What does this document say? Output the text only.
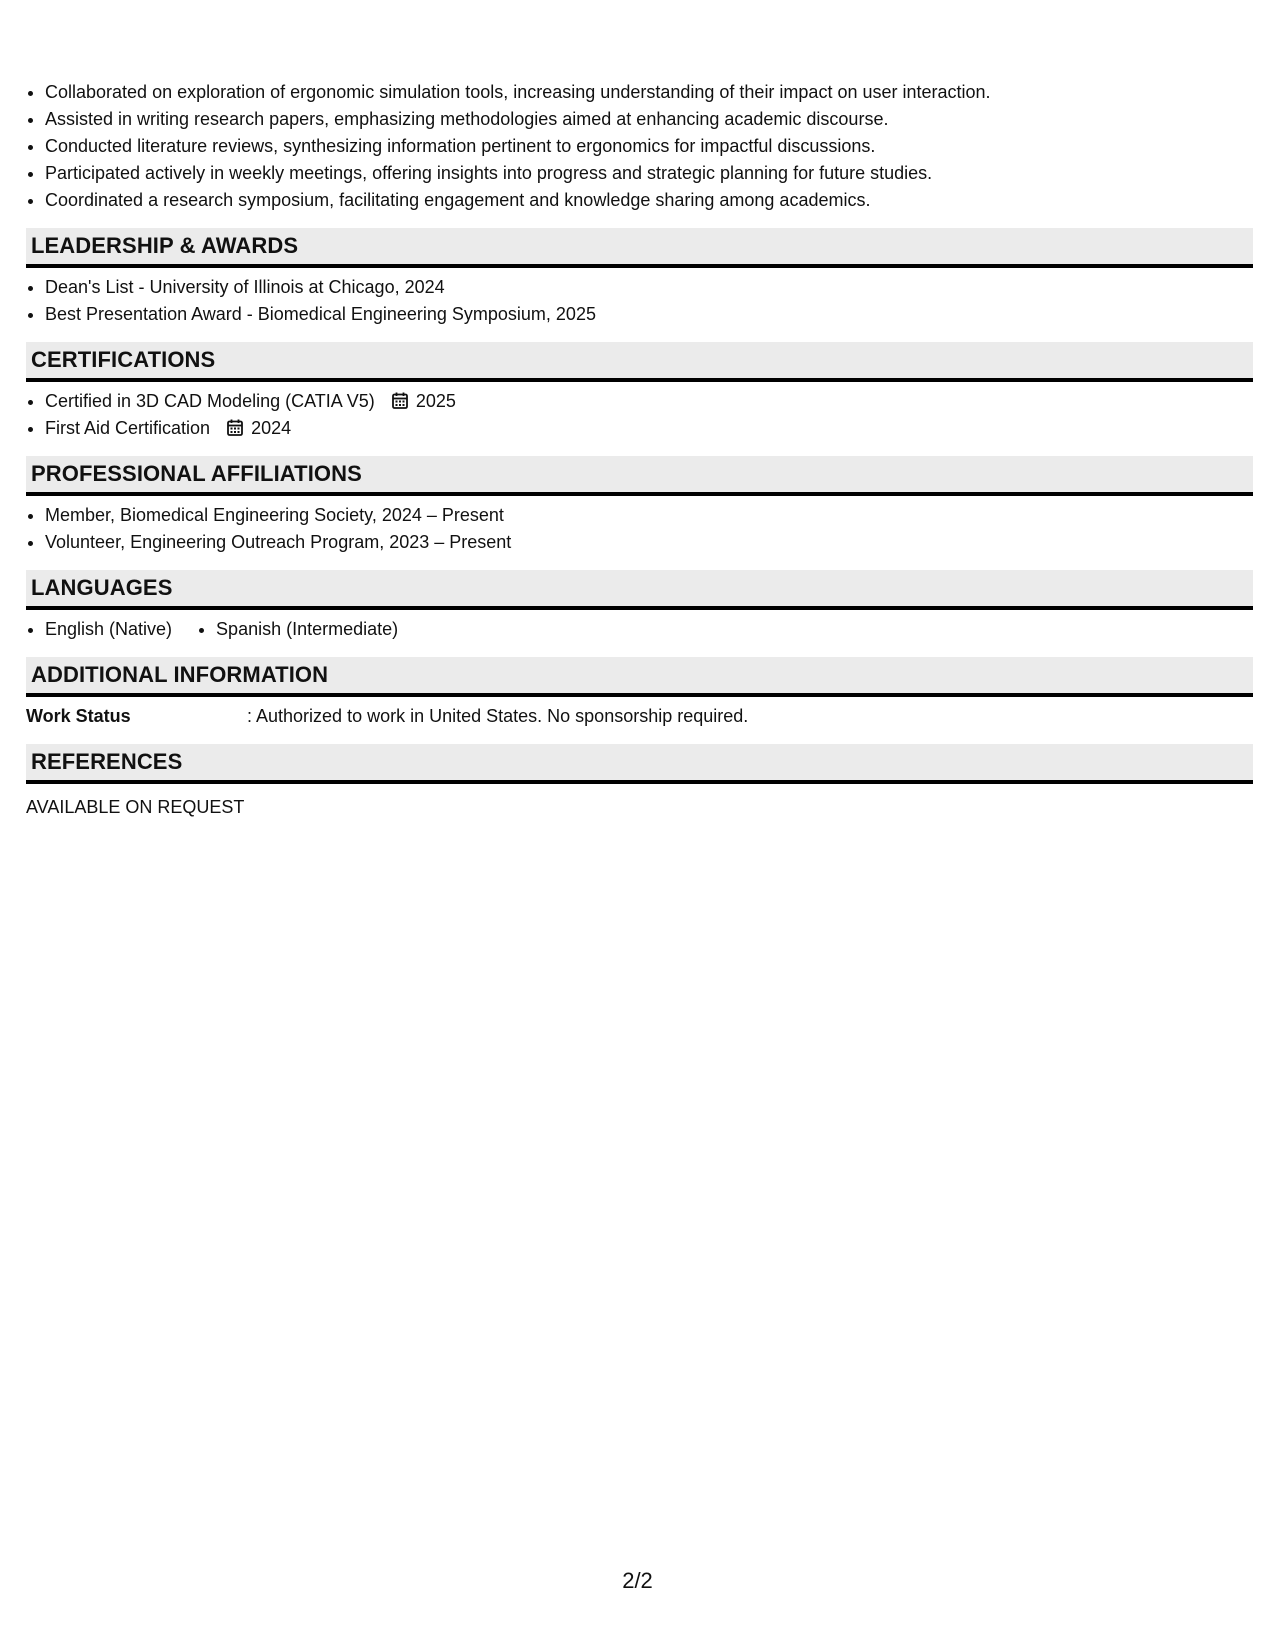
• Collaborated on exploration of ergonomic simulation tools, increasing understanding of their impact on user interaction.
• Assisted in writing research papers, emphasizing methodologies aimed at enhancing academic discourse.
• Conducted literature reviews, synthesizing information pertinent to ergonomics for impactful discussions.
• Participated actively in weekly meetings, offering insights into progress and strategic planning for future studies.
• Coordinated a research symposium, facilitating engagement and knowledge sharing among academics.
LEADERSHIP & AWARDS
• Dean's List - University of Illinois at Chicago, 2024
• Best Presentation Award - Biomedical Engineering Symposium, 2025
CERTIFICATIONS
• Certified in 3D CAD Modeling (CATIA V5) 2025
• First Aid Certification 2024
PROFESSIONAL AFFILIATIONS
• Member, Biomedical Engineering Society, 2024 – Present
• Volunteer, Engineering Outreach Program, 2023 – Present
LANGUAGES
• English (Native)
• Spanish (Intermediate)
ADDITIONAL INFORMATION
Work Status	: Authorized to work in United States. No sponsorship required.
REFERENCES
AVAILABLE ON REQUEST
2/2
